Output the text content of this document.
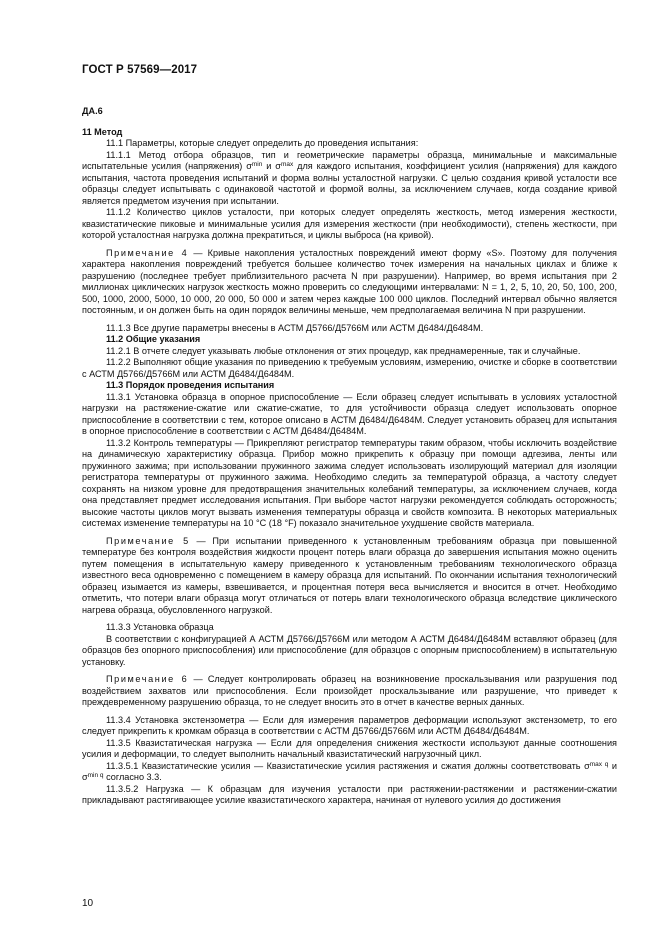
ГОСТ Р 57569—2017

ДА.6

11 Метод

11.1 Параметры, которые следует определить до проведения испытания:

11.1.1 Метод отбора образцов, тип и геометрические параметры образца, минимальные и максимальные испытательные усилия (напряжения) $\sigma^{min}$ и $\sigma^{max}$ для каждого испытания, коэффициент усилия (напряжения) для каждого испытания, частота проведения испытаний и форма волны усталостной нагрузки. С целью создания кривой усталости все образцы следует испытывать с одинаковой частотой и формой волны, за исключением случаев, когда создание кривой является предметом изучения при испытании.

11.1.2 Количество циклов усталости, при которых следует определять жесткость, метод измерения жесткости, квазистатические пиковые и минимальные усилия для измерения жесткости (при необходимости), степень жесткости, при которой усталостная нагрузка должна прекратиться, и циклы выброса (на кривой).

Примечание 4 — Кривые накопления усталостных повреждений имеют форму «S». Поэтому для получения характера накопления повреждений требуется большее количество точек измерения на начальных циклах и ближе к разрушению (последнее требует приблизительного расчета N при разрушении). Например, во время испытания при 2 миллионах циклических нагрузок жесткость можно проверить со следующими интервалами: N = 1, 2, 5, 10, 20, 50, 100, 200, 500, 1000, 2000, 5000, 10 000, 20 000, 50 000 и затем через каждые 100 000 циклов. Последний интервал обычно является постоянным, и он должен быть на один порядок величины меньше, чем предполагаемая величина N при разрушении.

11.1.3 Все другие параметры внесены в АСТМ Д5766/Д5766М или АСТМ Д6484/Д6484М.

11.2 Общие указания

11.2.1 В отчете следует указывать любые отклонения от этих процедур, как преднамеренные, так и случайные.

11.2.2 Выполняют общие указания по приведению к требуемым условиям, измерению, очистке и сборке в соответствии с АСТМ Д5766/Д5766М или АСТМ Д6484/Д6484М.

11.3 Порядок проведения испытания

11.3.1 Установка образца в опорное приспособление — Если образец следует испытывать в условиях усталостной нагрузки на растяжение-сжатие или сжатие-сжатие, то для устойчивости образца следует использовать опорное приспособление в соответствии с тем, которое описано в АСТМ Д6484/Д6484М. Следует установить образец для испытания в опорное приспособление в соответствии с АСТМ Д6484/Д6484М.

11.3.2 Контроль температуры — Прикрепляют регистратор температуры таким образом, чтобы исключить воздействие на динамическую характеристику образца. Прибор можно прикрепить к образцу при помощи адгезива, ленты или пружинного зажима; при использовании пружинного зажима следует использовать изолирующий материал для изоляции регистратора температуры от пружинного зажима. Необходимо следить за температурой образца, а частоту следует сохранять на низком уровне для предотвращения значительных колебаний температуры, за исключением случаев, когда она представляет предмет исследования испытания. При выборе частот нагрузки рекомендуется соблюдать осторожность; высокие частоты циклов могут вызвать изменения температуры образца и свойств композита. В некоторых материальных системах изменение температуры на 10 °С (18 °F) показало значительное ухудшение свойств материала.

Примечание 5 — При испытании приведенного к установленным требованиям образца при повышенной температуре без контроля воздействия жидкости процент потерь влаги образца до завершения испытания можно оценить путем помещения в испытательную камеру приведенного к установленным требованиям технологического образца известного веса одновременно с помещением в камеру образца для испытаний. По окончании испытания технологический образец изымается из камеры, взвешивается, и процентная потеря веса вычисляется и вносится в отчет. Необходимо отметить, что потери влаги образца могут отличаться от потерь влаги технологического образца вследствие циклического нагрева образца, обусловленного нагрузкой.

11.3.3 Установка образца

В соответствии с конфигурацией А АСТМ Д5766/Д5766М или методом А АСТМ Д6484/Д6484М вставляют образец (для образцов без опорного приспособления) или приспособление (для образцов с опорным приспособлением) в испытательную установку.

Примечание 6 — Следует контролировать образец на возникновение проскальзывания или разрушения под воздействием захватов или приспособления. Если произойдет проскальзывание или разрушение, что приведет к преждевременному разрушению образца, то не следует вносить это в отчет в качестве верных данных.

11.3.4 Установка экстензометра — Если для измерения параметров деформации используют экстензометр, то его следует прикрепить к кромкам образца в соответствии с АСТМ Д5766/Д5766М или АСТМ Д6484/Д6484М.

11.3.5 Квазистатическая нагрузка — Если для определения снижения жесткости используют данные соотношения усилия и деформации, то следует выполнить начальный квазистатический нагрузочный цикл.

11.3.5.1 Квазистатические усилия — Квазистатические усилия растяжения и сжатия должны соответствовать $\sigma^{max q}$ и $\sigma^{min q}$ согласно 3.3.

11.3.5.2 Нагрузка — К образцам для изучения усталости при растяжении-растяжении и растяжении-сжатии прикладывают растягивающее усилие квазистатического характера, начиная от нулевого усилия до достижения

10
